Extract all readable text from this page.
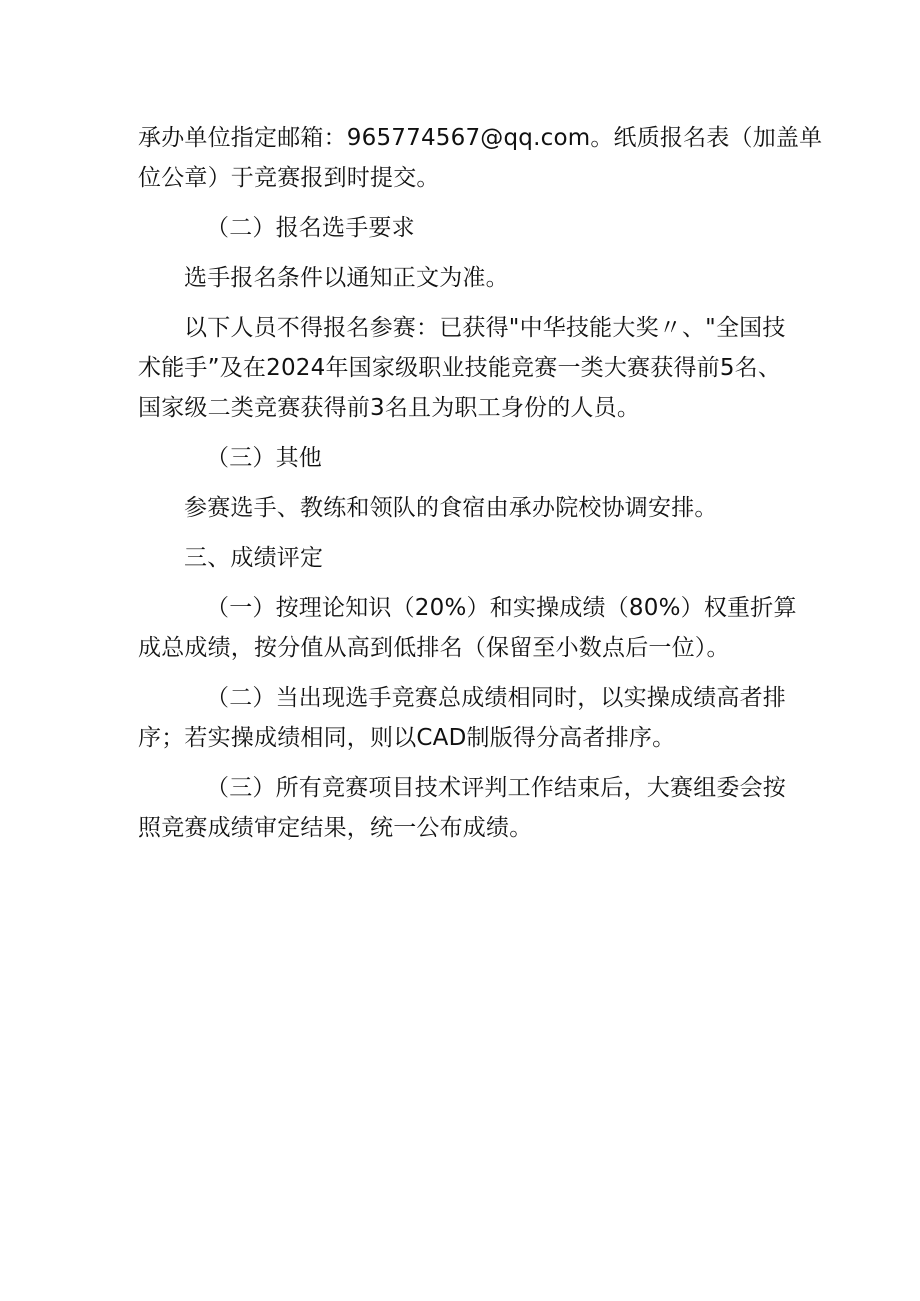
承办单位指定邮箱：965774567@qq.com。纸质报名表（加盖单
位公章）于竞赛报到时提交。
（二）报名选手要求
选手报名条件以通知正文为准。
以下人员不得报名参赛：已获得"中华技能大奖〃、"全国技
术能手”及在2024年国家级职业技能竞赛一类大赛获得前5名、
国家级二类竞赛获得前3名且为职工身份的人员。
（三）其他
参赛选手、教练和领队的食宿由承办院校协调安排。
三、成绩评定
（一）按理论知识（20%）和实操成绩（80%）权重折算
成总成绩，按分值从高到低排名（保留至小数点后一位）。
（二）当出现选手竞赛总成绩相同时，以实操成绩高者排
序；若实操成绩相同，则以CAD制版得分高者排序。
（三）所有竞赛项目技术评判工作结束后，大赛组委会按
照竞赛成绩审定结果，统一公布成绩。
